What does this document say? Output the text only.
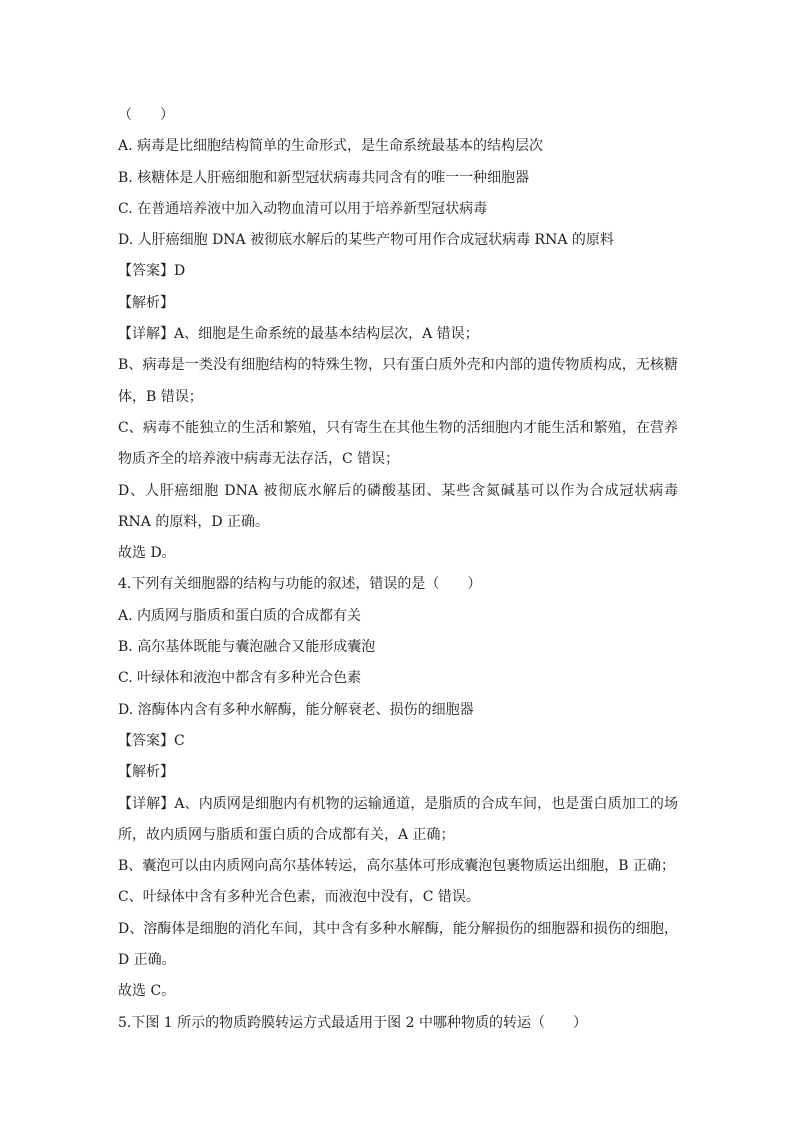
（　　）
A. 病毒是比细胞结构简单的生命形式，是生命系统最基本的结构层次
B. 核糖体是人肝癌细胞和新型冠状病毒共同含有的唯一一种细胞器
C. 在普通培养液中加入动物血清可以用于培养新型冠状病毒
D. 人肝癌细胞 DNA 被彻底水解后的某些产物可用作合成冠状病毒 RNA 的原料
【答案】D
【解析】
【详解】A、细胞是生命系统的最基本结构层次，A 错误；
B、病毒是一类没有细胞结构的特殊生物，只有蛋白质外壳和内部的遗传物质构成，无核糖体，B 错误；
C、病毒不能独立的生活和繁殖，只有寄生在其他生物的活细胞内才能生活和繁殖，在营养物质齐全的培养液中病毒无法存活，C 错误；
D、人肝癌细胞 DNA 被彻底水解后的磷酸基团、某些含氮碱基可以作为合成冠状病毒 RNA 的原料，D 正确。
故选 D。
4.下列有关细胞器的结构与功能的叙述，错误的是（　　）
A. 内质网与脂质和蛋白质的合成都有关
B. 高尔基体既能与囊泡融合又能形成囊泡
C. 叶绿体和液泡中都含有多种光合色素
D. 溶酶体内含有多种水解酶，能分解衰老、损伤的细胞器
【答案】C
【解析】
【详解】A、内质网是细胞内有机物的运输通道，是脂质的合成车间，也是蛋白质加工的场所，故内质网与脂质和蛋白质的合成都有关，A 正确；
B、囊泡可以由内质网向高尔基体转运，高尔基体可形成囊泡包裹物质运出细胞，B 正确；
C、叶绿体中含有多种光合色素，而液泡中没有，C 错误。
D、溶酶体是细胞的消化车间，其中含有多种水解酶，能分解损伤的细胞器和损伤的细胞，D 正确。
故选 C。
5.下图 1 所示的物质跨膜转运方式最适用于图 2 中哪种物质的转运（　　）
